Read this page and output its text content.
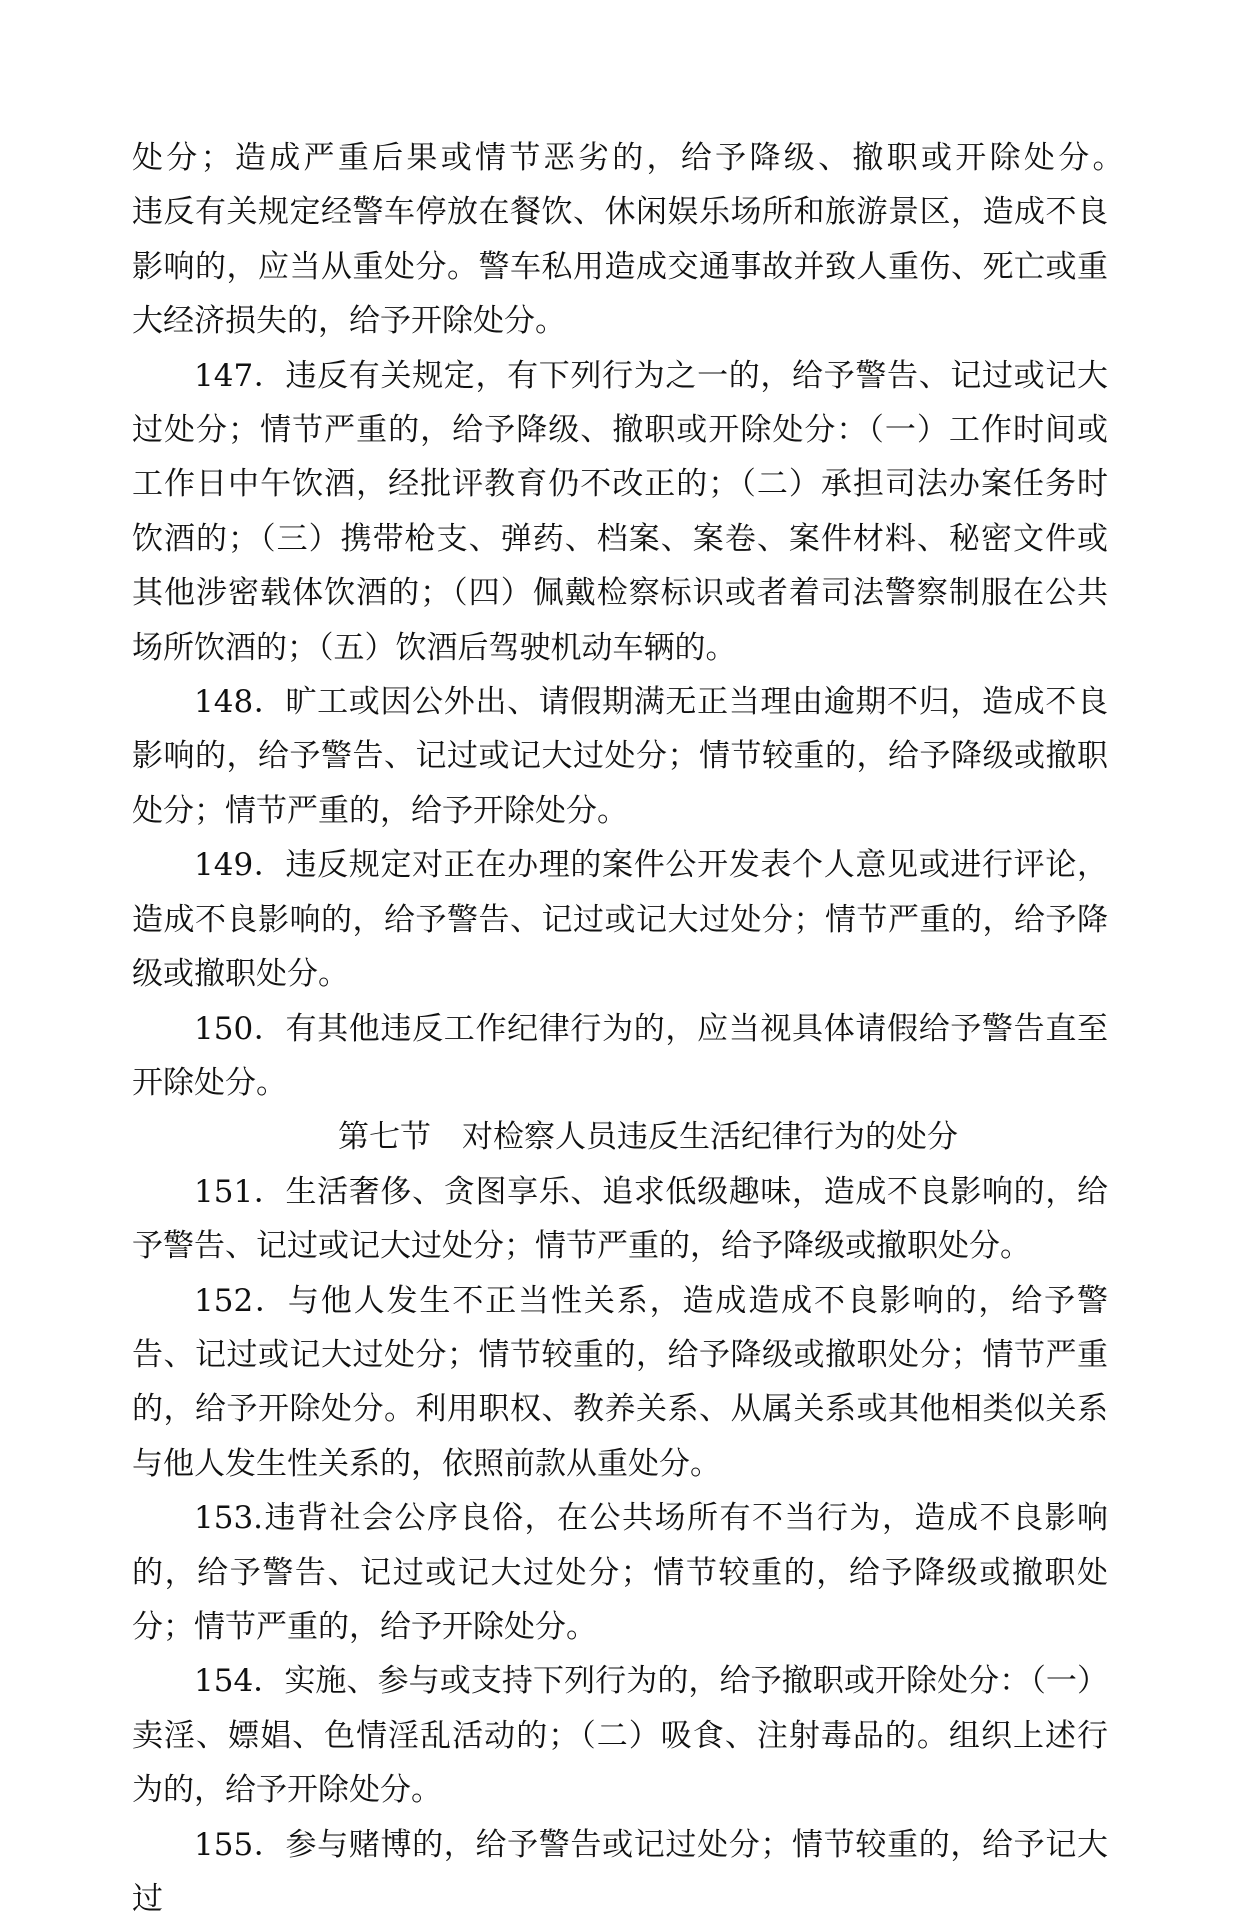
处分；造成严重后果或情节恶劣的，给予降级、撤职或开除处分。　　违反有关规定经警车停放在餐饮、休闲娱乐场所和旅游景区，造成不良影响的，应当从重处分。警车私用造成交通事故并致人重伤、死亡或重大经济损失的，给予开除处分。

147．违反有关规定，有下列行为之一的，给予警告、记过或记大过处分；情节严重的，给予降级、撤职或开除处分：（一）工作时间或工作日中午饮酒，经批评教育仍不改正的；（二）承担司法办案任务时饮酒的；（三）携带枪支、弹药、档案、案卷、案件材料、秘密文件或其他涉密载体饮酒的；（四）佩戴检察标识或者着司法警察制服在公共场所饮酒的；（五）饮酒后驾驶机动车辆的。

148．旷工或因公外出、请假期满无正当理由逾期不归，造成不良影响的，给予警告、记过或记大过处分；情节较重的，给予降级或撤职处分；情节严重的，给予开除处分。

149．违反规定对正在办理的案件公开发表个人意见或进行评论，造成不良影响的，给予警告、记过或记大过处分；情节严重的，给予降级或撤职处分。

150．有其他违反工作纪律行为的，应当视具体请假给予警告直至开除处分。

第七节　对检察人员违反生活纪律行为的处分

151．生活奢侈、贪图享乐、追求低级趣味，造成不良影响的，给予警告、记过或记大过处分；情节严重的，给予降级或撤职处分。

152．与他人发生不正当性关系，造成造成不良影响的，给予警告、记过或记大过处分；情节较重的，给予降级或撤职处分；情节严重的，给予开除处分。利用职权、教养关系、从属关系或其他相类似关系与他人发生性关系的，依照前款从重处分。

153.违背社会公序良俗，在公共场所有不当行为，造成不良影响的，给予警告、记过或记大过处分；情节较重的，给予降级或撤职处分；情节严重的，给予开除处分。

154．实施、参与或支持下列行为的，给予撤职或开除处分：（一）卖淫、嫖娼、色情淫乱活动的；（二）吸食、注射毒品的。组织上述行为的，给予开除处分。

155．参与赌博的，给予警告或记过处分；情节较重的，给予记大过
